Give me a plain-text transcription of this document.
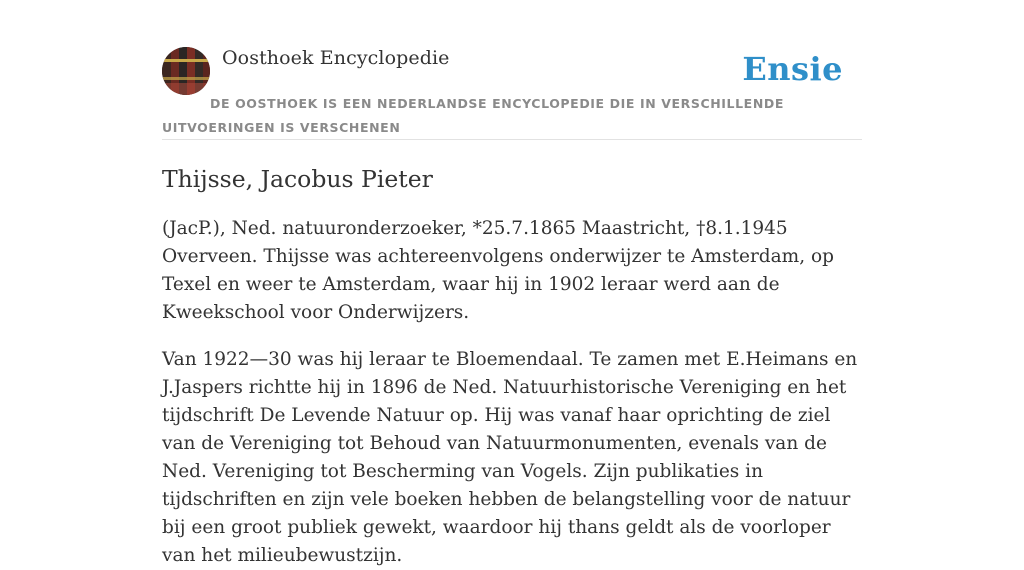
Oosthoek Encyclopedie	Ensie
DE OOSTHOEK IS EEN NEDERLANDSE ENCYCLOPEDIE DIE IN VERSCHILLENDE UITVOERINGEN IS VERSCHENEN
Thijsse, Jacobus Pieter

(JacP.), Ned. natuuronderzoeker, *25.7.1865 Maastricht, †8.1.1945 Overveen. Thijsse was achtereenvolgens onderwijzer te Amsterdam, op Texel en weer te Amsterdam, waar hij in 1902 leraar werd aan de Kweekschool voor Onderwijzers.

Van 1922—30 was hij leraar te Bloemendaal. Te zamen met E.Heimans en J.Jaspers richtte hij in 1896 de Ned. Natuurhistorische Vereniging en het tijdschrift De Levende Natuur op. Hij was vanaf haar oprichting de ziel van de Vereniging tot Behoud van Natuurmonumenten, evenals van de Ned. Vereniging tot Bescherming van Vogels. Zijn publikaties in tijdschriften en zijn vele boeken hebben de belangstelling voor de natuur bij een groot publiek gewekt, waardoor hij thans geldt als de voorloper van het milieubewustzijn.
